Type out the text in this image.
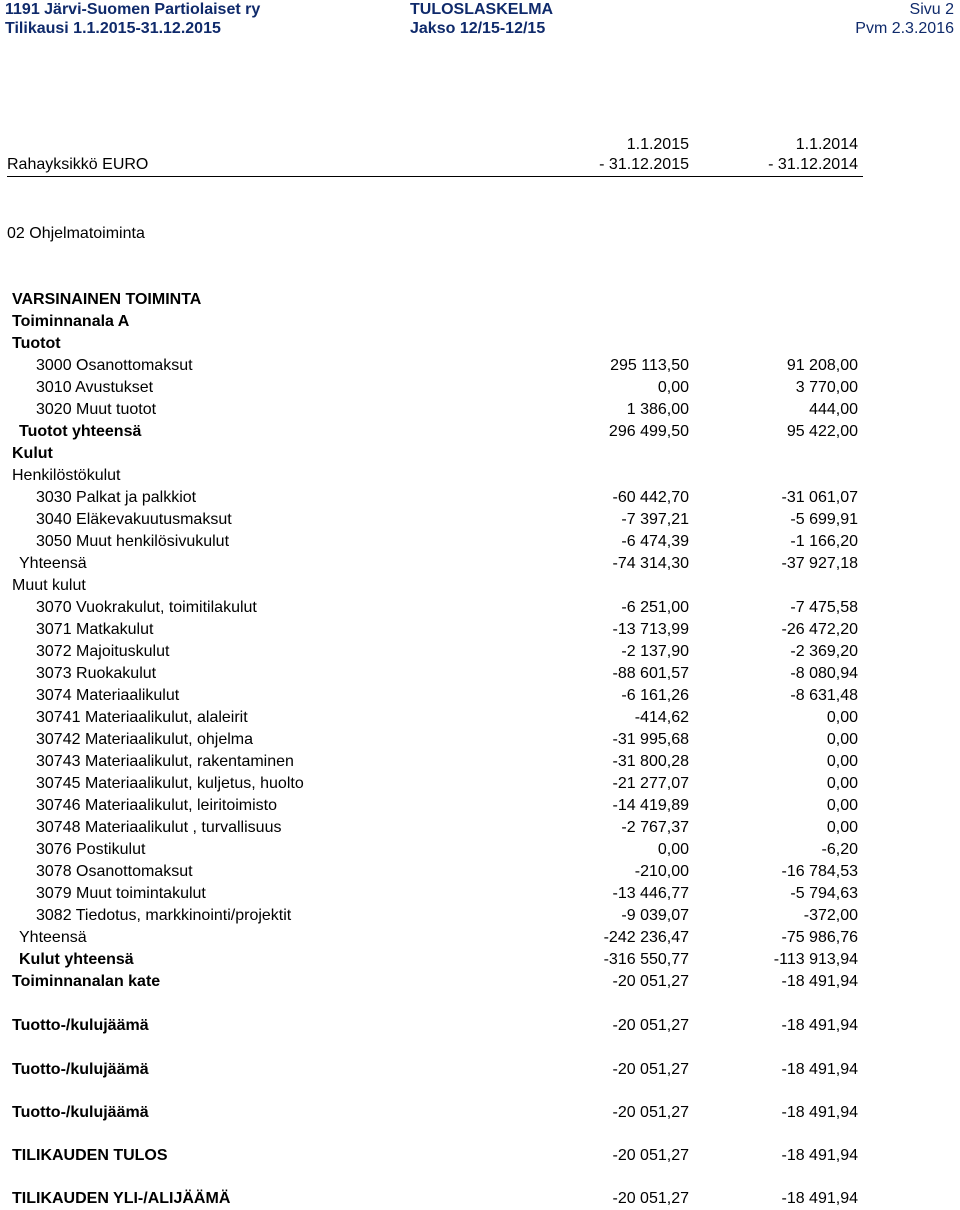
1191 Järvi-Suomen Partiolaiset ry
Tilikausi 1.1.2015-31.12.2015
TULOSLASKELMA
Jakso 12/15-12/15
Sivu 2
Pvm 2.3.2016
1.1.2015	1.1.2014
Rahayksikkö EURO	- 31.12.2015	- 31.12.2014
02 Ohjelmatoiminta
VARSINAINEN TOIMINTA
Toiminnanala A
Tuotot
3000 Osanottomaksut	295 113,50	91 208,00
3010 Avustukset	0,00	3 770,00
3020 Muut tuotot	1 386,00	444,00
Tuotot yhteensä	296 499,50	95 422,00
Kulut
Henkilöstökulut
3030 Palkat ja palkkiot	-60 442,70	-31 061,07
3040 Eläkevakuutusmaksut	-7 397,21	-5 699,91
3050 Muut henkilösivukulut	-6 474,39	-1 166,20
Yhteensä	-74 314,30	-37 927,18
Muut kulut
3070 Vuokrakulut, toimitilakulut	-6 251,00	-7 475,58
3071 Matkakulut	-13 713,99	-26 472,20
3072 Majoituskulut	-2 137,90	-2 369,20
3073 Ruokakulut	-88 601,57	-8 080,94
3074 Materiaalikulut	-6 161,26	-8 631,48
30741 Materiaalikulut, alaleirit	-414,62	0,00
30742 Materiaalikulut, ohjelma	-31 995,68	0,00
30743 Materiaalikulut, rakentaminen	-31 800,28	0,00
30745 Materiaalikulut, kuljetus, huolto	-21 277,07	0,00
30746 Materiaalikulut, leiritoimisto	-14 419,89	0,00
30748 Materiaalikulut , turvallisuus	-2 767,37	0,00
3076 Postikulut	0,00	-6,20
3078 Osanottomaksut	-210,00	-16 784,53
3079 Muut toimintakulut	-13 446,77	-5 794,63
3082 Tiedotus, markkinointi/projektit	-9 039,07	-372,00
Yhteensä	-242 236,47	-75 986,76
Kulut yhteensä	-316 550,77	-113 913,94
Toiminnanalan kate	-20 051,27	-18 491,94
Tuotto-/kulujäämä	-20 051,27	-18 491,94
Tuotto-/kulujäämä	-20 051,27	-18 491,94
Tuotto-/kulujäämä	-20 051,27	-18 491,94
TILIKAUDEN TULOS	-20 051,27	-18 491,94
TILIKAUDEN YLI-/ALIJÄÄMÄ	-20 051,27	-18 491,94
